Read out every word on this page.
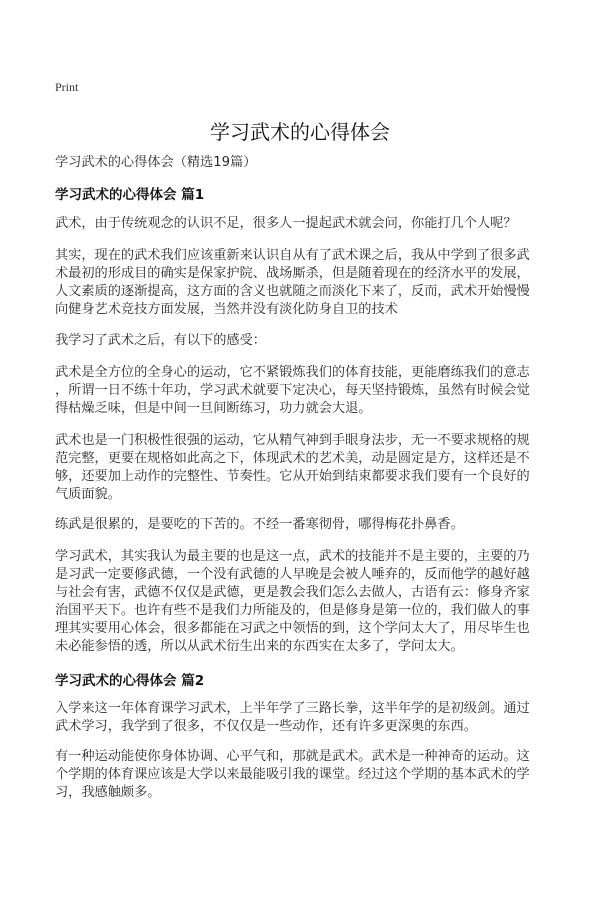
Print
学习武术的心得体会
学习武术的心得体会（精选19篇）
学习武术的心得体会 篇1
武术，由于传统观念的认识不足，很多人一提起武术就会问，你能打几个人呢？
其实，现在的武术我们应该重新来认识自从有了武术课之后，我从中学到了很多武
术最初的形成目的确实是保家护院、战场厮杀，但是随着现在的经济水平的发展，
人文素质的逐渐提高，这方面的含义也就随之而淡化下来了，反而，武术开始慢慢
向健身艺术竞技方面发展，当然并没有淡化防身自卫的技术
我学习了武术之后，有以下的感受：
武术是全方位的全身心的运动，它不紧锻炼我们的体育技能，更能磨练我们的意志
，所谓一日不练十年功，学习武术就要下定决心，每天坚持锻炼，虽然有时候会觉
得枯燥乏味，但是中间一旦间断练习，功力就会大退。
武术也是一门积极性很强的运动，它从精气神到手眼身法步，无一不要求规格的规
范完整，更要在规格如此高之下，体现武术的艺术美，动是圆定是方，这样还是不
够，还要加上动作的完整性、节奏性。它从开始到结束都要求我们要有一个良好的
气质面貌。
练武是很累的，是要吃的下苦的。不经一番寒彻骨，哪得梅花扑鼻香。
学习武术，其实我认为最主要的也是这一点，武术的技能并不是主要的，主要的乃
是习武一定要修武德，一个没有武德的人早晚是会被人唾弃的，反而他学的越好越
与社会有害，武德不仅仅是武德，更是教会我们怎么去做人，古语有云：修身齐家
治国平天下。也许有些不是我们力所能及的，但是修身是第一位的，我们做人的事
理其实要用心体会，很多都能在习武之中领悟的到，这个学问太大了，用尽毕生也
未必能参悟的透，所以从武术衍生出来的东西实在太多了，学问太大。
学习武术的心得体会 篇2
入学来这一年体育课学习武术，上半年学了三路长拳，这半年学的是初级剑。通过
武术学习，我学到了很多，不仅仅是一些动作，还有许多更深奥的东西。
有一种运动能使你身体协调、心平气和，那就是武术。武术是一种神奇的运动。这
个学期的体育课应该是大学以来最能吸引我的课堂。经过这个学期的基本武术的学
习，我感触颇多。
